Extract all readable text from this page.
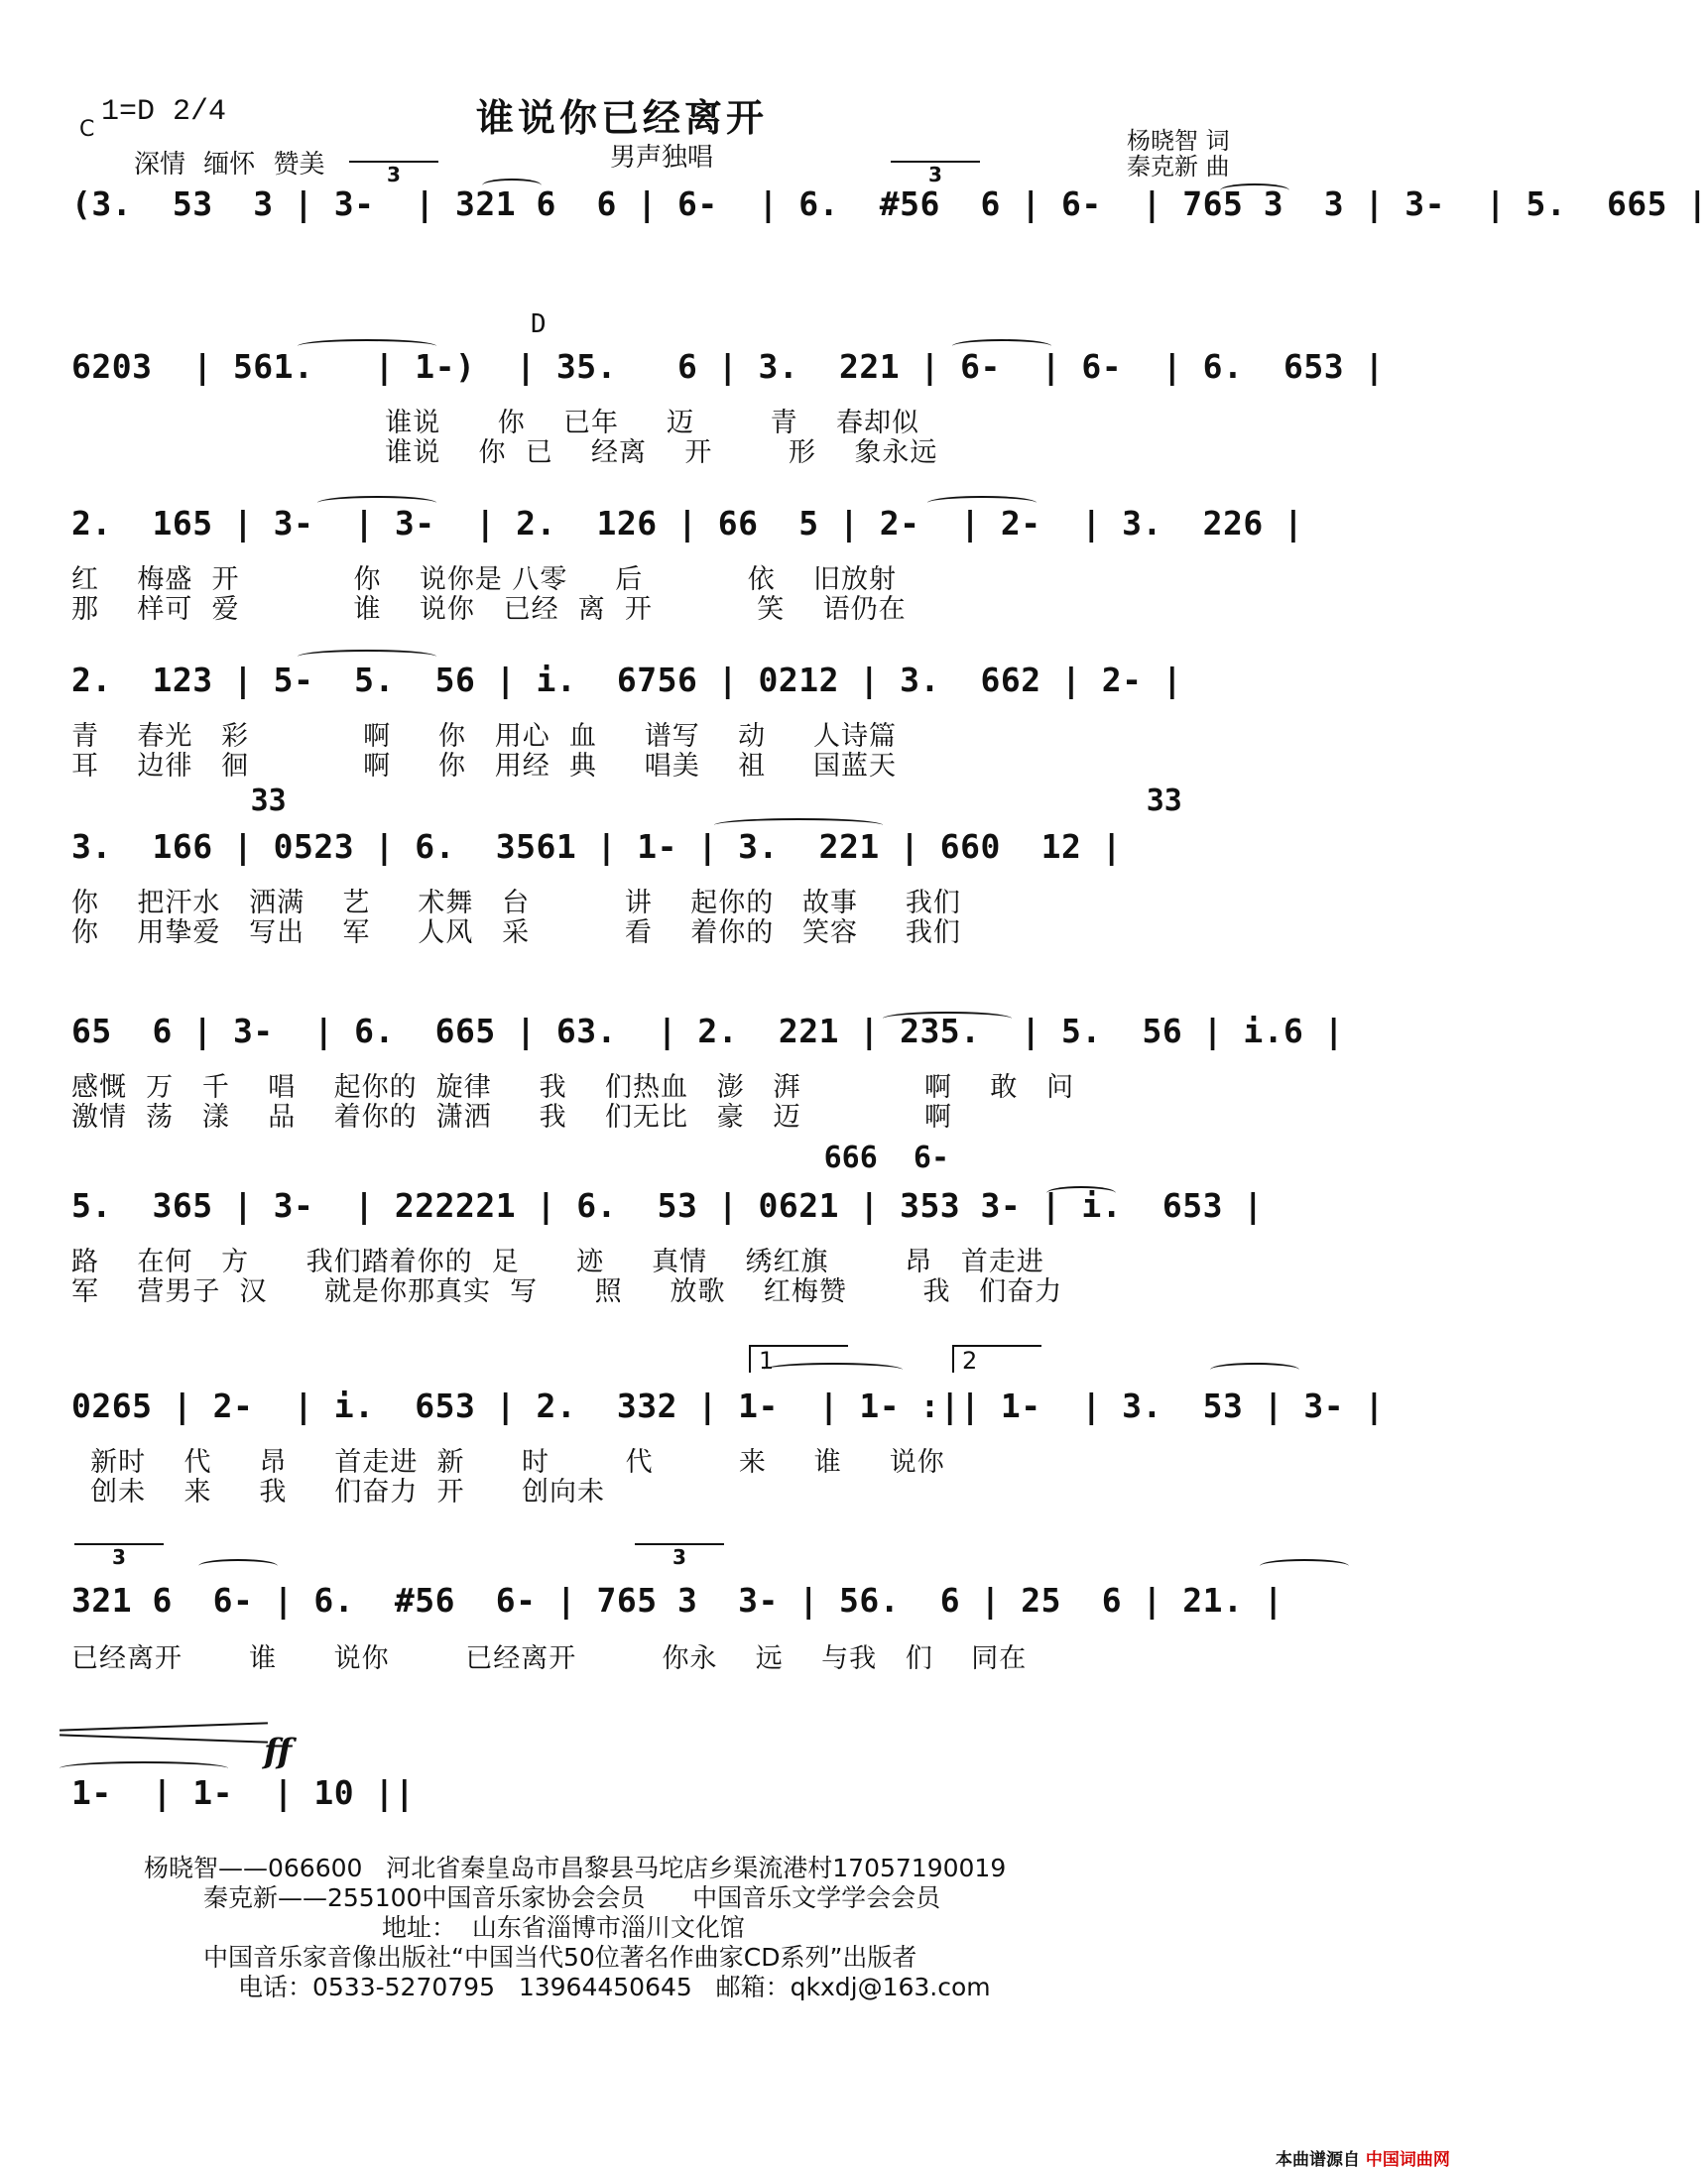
谁说你已经离开
男声独唱
C
1=D 2/4
深情 缅怀 赞美
杨晓智 词
秦克新 曲
3	3
3	3
D
1	2
ff
(3.  53  3 | 3-  | 321 6  6 | 6-  | 6.  #56  6 | 6-  | 765 3  3 | 3-  | 5.  665 |
6203  | 561.   | 1-)  | 35.   6 | 3.  221 | 6-  | 6-  | 6.  653 |
谁说      你    已年     迈        青    春却似
谁说    你  已    经离    开        形    象永远
2.  165 | 3-  | 3-  | 2.  126 | 66  5 | 2-  | 2-  | 3.  226 |
红    梅盛  开            你    说你是 八零     后           依    旧放射
那    样可  爱            谁    说你   已经  离  开           笑    语仍在
2.  123 | 5-  5.  56 | i.  6756 | 0212 | 3.  662 | 2- |
青    春光   彩            啊     你   用心  血     谱写    动     人诗篇
耳    边徘   徊            啊     你   用经  典     唱美    祖     国蓝天
33                                                33
3.  166 | 0523 | 6.  3561 | 1- | 3.  221 | 660  12 |
你    把汗水   洒满    艺     术舞   台          讲    起你的   故事     我们
你    用挚爱   写出    军     人风   采          看    着你的   笑容     我们
65  6 | 3-  | 6.  665 | 63.  | 2.  221 | 235.  | 5.  56 | i.6 |
感慨  万   千    唱    起你的  旋律     我    们热血   澎   湃             啊    敢   问
激情  荡   漾    品    着你的  潇洒     我    们无比   豪   迈             啊
666  6-
5.  365 | 3-  | 222221 | 6.  53 | 0621 | 353 3- | i.  653 |
路    在何   方      我们踏着你的  足      迹     真情    绣红旗        昂   首走进
军    营男子  汉      就是你那真实  写      照     放歌    红梅赞        我   们奋力
0265 | 2-  | i.  653 | 2.  332 | 1-  | 1- :|| 1-  | 3.  53 | 3- |
新时    代     昂     首走进  新      时        代         来     谁     说你
创未    来     我     们奋力  开      创向未
321 6  6- | 6.  #56  6- | 765 3  3- | 56.  6 | 25  6 | 21. |
已经离开       谁      说你        已经离开         你永    远    与我   们    同在
1-  | 1-  | 10 ||
杨晓智——066600   河北省秦皇岛市昌黎县马坨店乡渠流港村17057190019
秦克新——255100中国音乐家协会会员      中国音乐文学学会会员
地址：  山东省淄博市淄川文化馆
中国音乐家音像出版社“中国当代50位著名作曲家CD系列”出版者
电话：0533-5270795   13964450645   邮箱：qkxdj@163.com
本曲谱源自 中国词曲网
